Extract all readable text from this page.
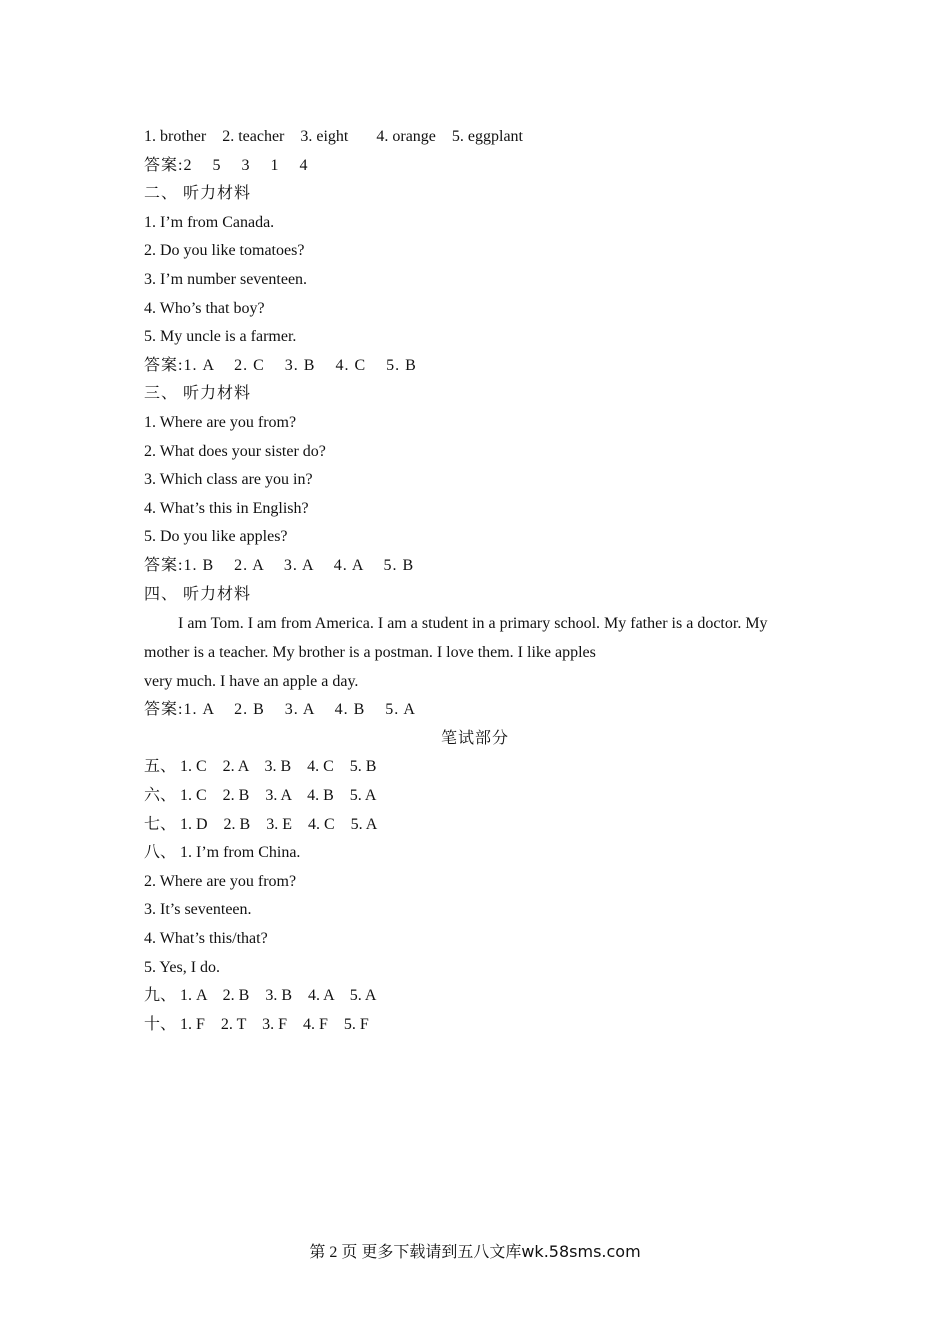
1. brother    2. teacher    3. eight       4. orange    5. eggplant
答案:2    5    3    1    4
二、 听力材料
1. I’m from Canada.
2. Do you like tomatoes?
3. I’m number seventeen.
4. Who’s that boy?
5. My uncle is a farmer.
答案:1. A    2. C    3. B    4. C    5. B
三、 听力材料
1. Where are you from?
2. What does your sister do?
3. Which class are you in?
4. What’s this in English?
5. Do you like apples?
答案:1. B    2. A    3. A    4. A    5. B
四、 听力材料
I am Tom. I am from America. I am a student in a primary school. My father is a doctor. My mother is a teacher. My brother is a postman. I love them. I like apples
very much. I have an apple a day.
答案:1. A    2. B    3. A    4. B    5. A
笔试部分
五、 1. C    2. A    3. B    4. C    5. B
六、 1. C    2. B    3. A    4. B    5. A
七、 1. D    2. B    3. E    4. C    5. A
八、 1. I’m from China.
2. Where are you from?
3. It’s seventeen.
4. What’s this/that?
5. Yes, I do.
九、 1. A    2. B    3. B    4. A    5. A
十、 1. F    2. T    3. F    4. F    5. F
第 2 页 更多下载请到五八文库wk.58sms.com
